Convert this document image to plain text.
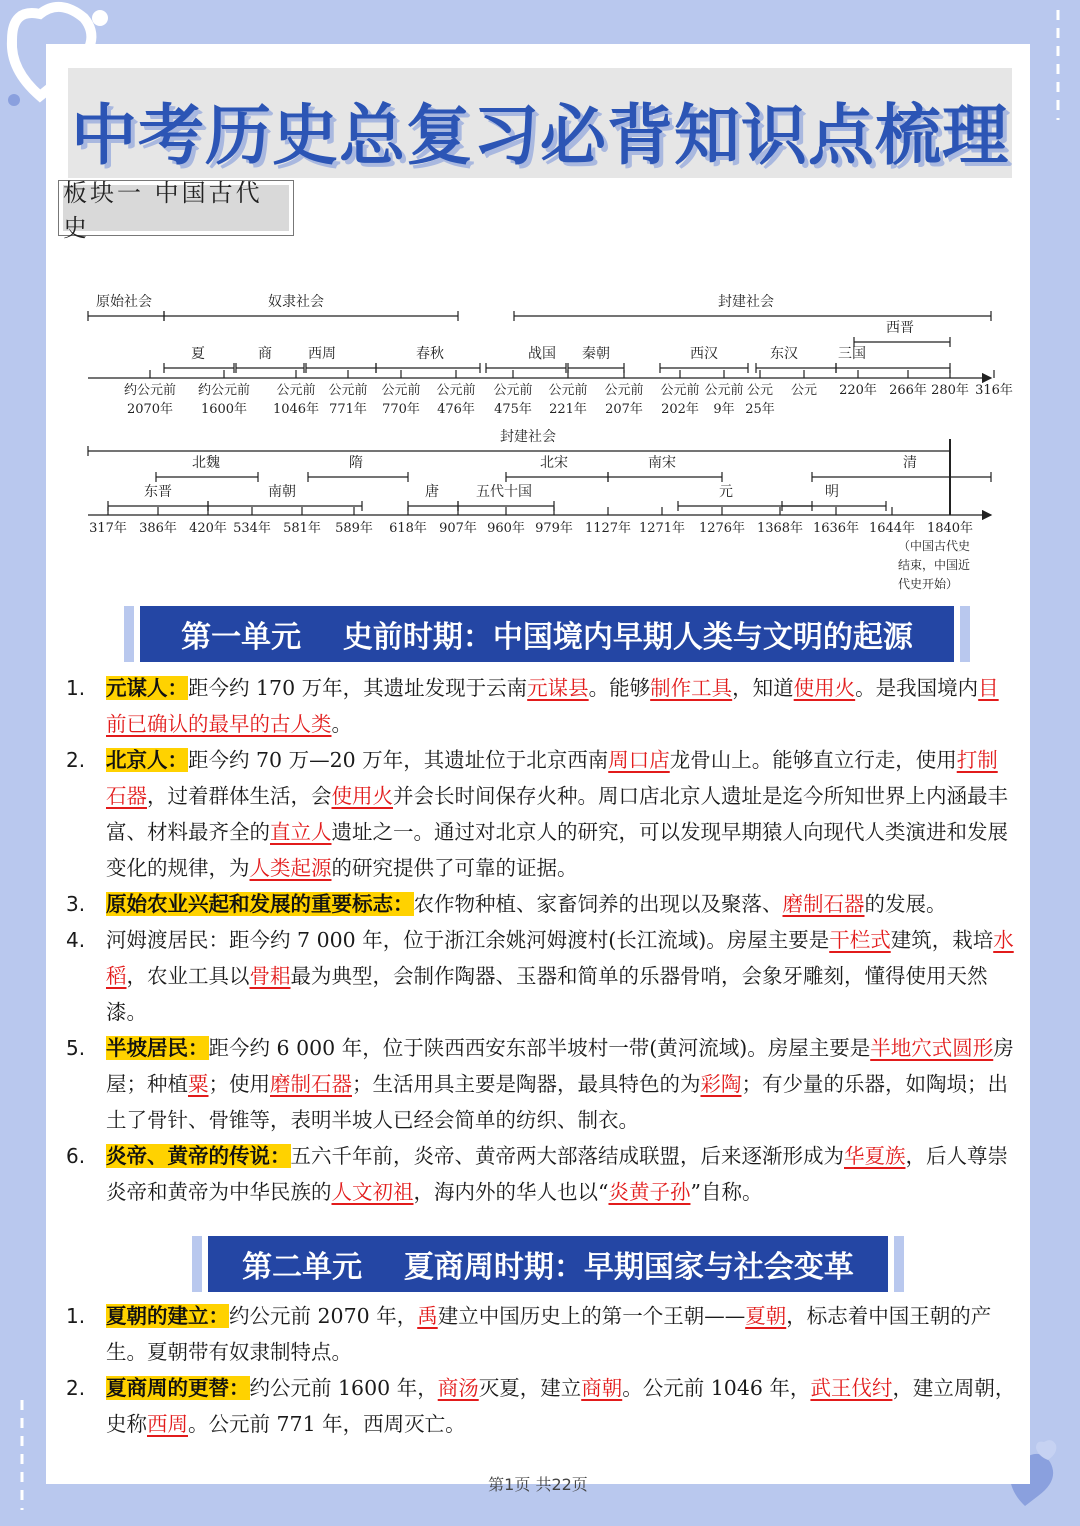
中考历史总复习必背知识点梳理
板块一 中国古代史
原始社会	奴隶社会	封建社会
夏	商	西周	春秋	战国 秦朝	西汉	东汉	三国
西晋
约公元前 约公元前 公元前 公元前 公元前 公元前 公元前 公元前 公元前 公元前 公元前 公元 公元 220年 266年 280年 316年
2070年 1600年 1046年 771年 770年 476年 475年 221年 207年 202年 9年 25年
封建社会
北魏	隋	北宋	南宋	清
东晋	南朝	唐	五代十国	元	明
317年 386年 420年 534年 581年 589年 618年 907年 960年 979年 1127年 1271年 1276年 1368年 1636年 1644年 1840年
（中国古代史
结束，中国近
代史开始）
第一单元    史前时期：中国境内早期人类与文明的起源
1. 元谋人：距今约 170 万年，其遗址发现于云南元谋县。能够制作工具，知道使用火。是我国境内目前已确认的最早的古人类。
2. 北京人：距今约 70 万—20 万年，其遗址位于北京西南周口店龙骨山上。能够直立行走，使用打制石器，过着群体生活，会使用火并会长时间保存火种。周口店北京人遗址是迄今所知世界上内涵最丰富、材料最齐全的直立人遗址之一。通过对北京人的研究，可以发现早期猿人向现代人类演进和发展变化的规律，为人类起源的研究提供了可靠的证据。
3. 原始农业兴起和发展的重要标志：农作物种植、家畜饲养的出现以及聚落、磨制石器的发展。
4. 河姆渡居民：距今约 7 000 年，位于浙江余姚河姆渡村(长江流域)。房屋主要是干栏式建筑，栽培水稻，农业工具以骨耜最为典型，会制作陶器、玉器和简单的乐器骨哨，会象牙雕刻，懂得使用天然漆。
5. 半坡居民：距今约 6 000 年，位于陕西西安东部半坡村一带(黄河流域)。房屋主要是半地穴式圆形房屋；种植粟；使用磨制石器；生活用具主要是陶器，最具特色的为彩陶；有少量的乐器，如陶埙；出土了骨针、骨锥等，表明半坡人已经会简单的纺织、制衣。
6. 炎帝、黄帝的传说：五六千年前，炎帝、黄帝两大部落结成联盟，后来逐渐形成为华夏族，后人尊崇炎帝和黄帝为中华民族的人文初祖，海内外的华人也以“炎黄子孙”自称。
第二单元    夏商周时期：早期国家与社会变革
1. 夏朝的建立：约公元前 2070 年，禹建立中国历史上的第一个王朝——夏朝，标志着中国王朝的产生。夏朝带有奴隶制特点。
2. 夏商周的更替：约公元前 1600 年，商汤灭夏，建立商朝。公元前 1046 年，武王伐纣，建立周朝，史称西周。公元前 771 年，西周灭亡。
第1页 共22页
